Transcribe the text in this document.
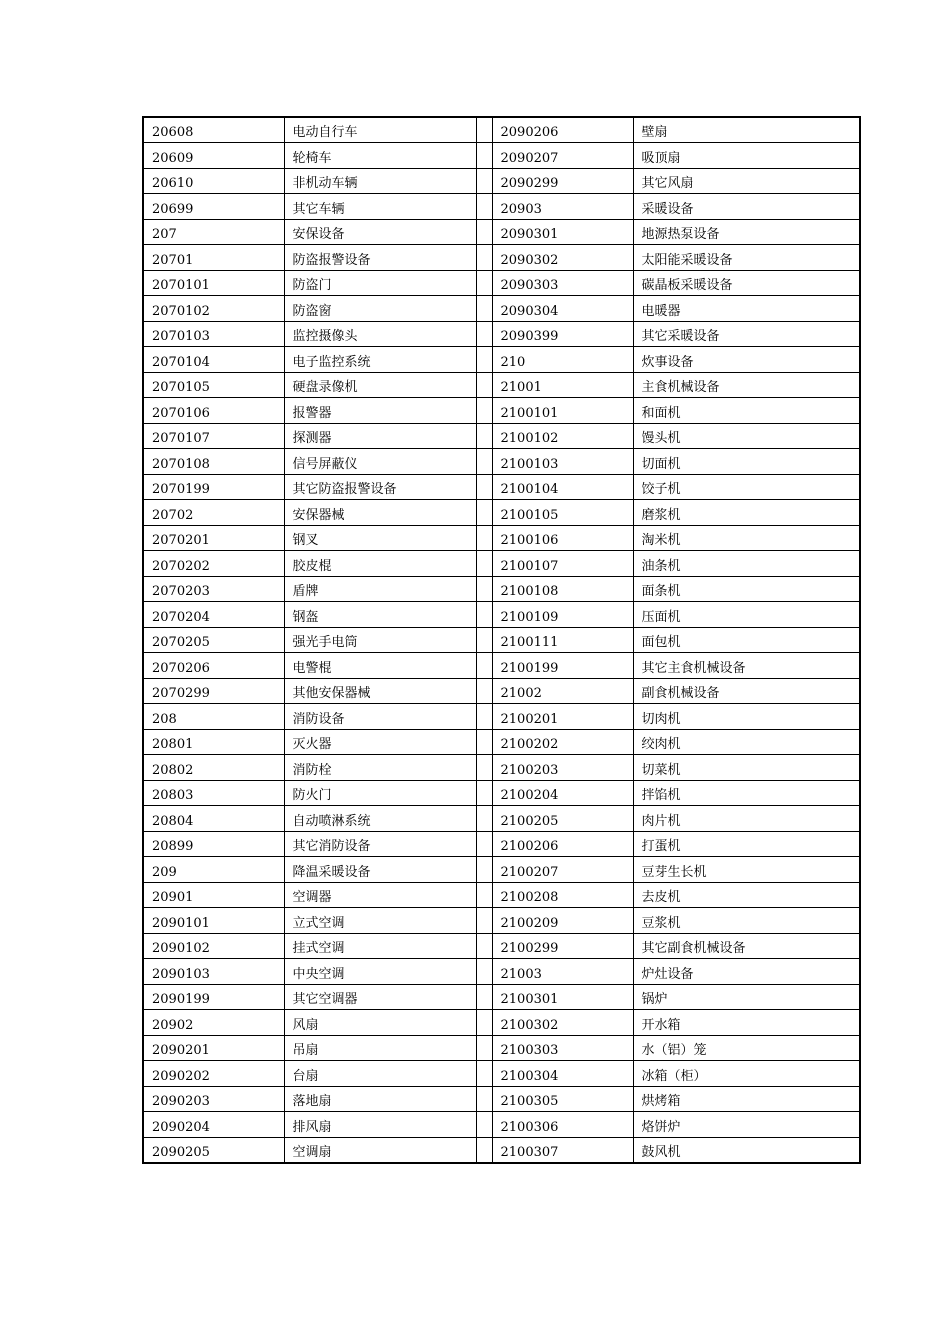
20608	电动自行车		2090206	壁扇
20609	轮椅车		2090207	吸顶扇
20610	非机动车辆		2090299	其它风扇
20699	其它车辆		20903	采暖设备
207	安保设备		2090301	地源热泵设备
20701	防盗报警设备		2090302	太阳能采暖设备
2070101	防盗门		2090303	碳晶板采暖设备
2070102	防盗窗		2090304	电暖器
2070103	监控摄像头		2090399	其它采暖设备
2070104	电子监控系统		210	炊事设备
2070105	硬盘录像机		21001	主食机械设备
2070106	报警器		2100101	和面机
2070107	探测器		2100102	馒头机
2070108	信号屏蔽仪		2100103	切面机
2070199	其它防盗报警设备		2100104	饺子机
20702	安保器械		2100105	磨浆机
2070201	钢叉		2100106	淘米机
2070202	胶皮棍		2100107	油条机
2070203	盾牌		2100108	面条机
2070204	钢盔		2100109	压面机
2070205	强光手电筒		2100111	面包机
2070206	电警棍		2100199	其它主食机械设备
2070299	其他安保器械		21002	副食机械设备
208	消防设备		2100201	切肉机
20801	灭火器		2100202	绞肉机
20802	消防栓		2100203	切菜机
20803	防火门		2100204	拌馅机
20804	自动喷淋系统		2100205	肉片机
20899	其它消防设备		2100206	打蛋机
209	降温采暖设备		2100207	豆芽生长机
20901	空调器		2100208	去皮机
2090101	立式空调		2100209	豆浆机
2090102	挂式空调		2100299	其它副食机械设备
2090103	中央空调		21003	炉灶设备
2090199	其它空调器		2100301	锅炉
20902	风扇		2100302	开水箱
2090201	吊扇		2100303	水（铝）笼
2090202	台扇		2100304	冰箱（柜）
2090203	落地扇		2100305	烘烤箱
2090204	排风扇		2100306	烙饼炉
2090205	空调扇		2100307	鼓风机
